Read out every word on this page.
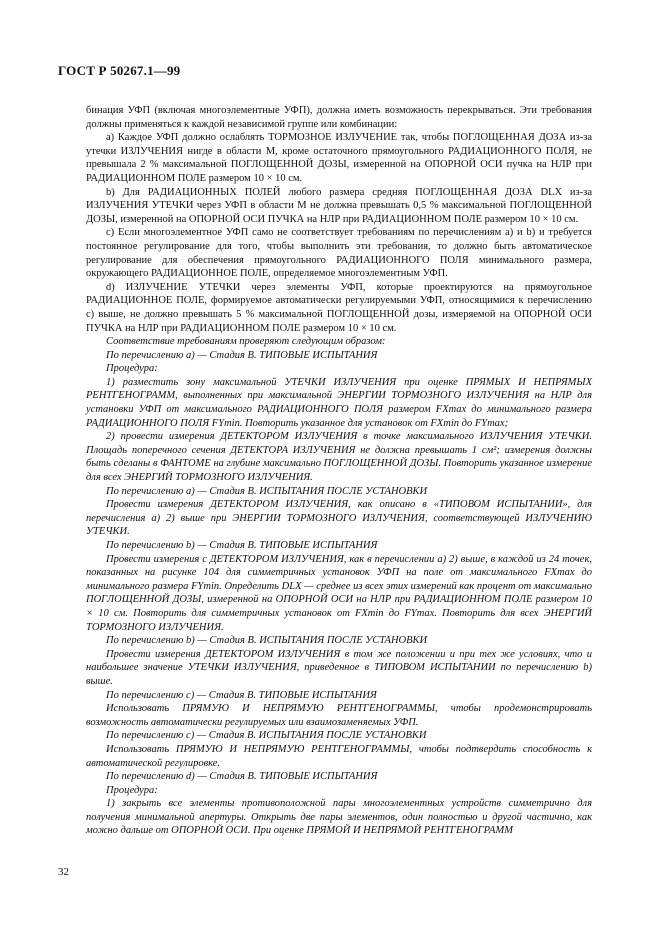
ГОСТ Р 50267.1—99

бинация УФП (включая многоэлементные УФП), должна иметь возможность перекрываться. Эти требования должны применяться к каждой независимой группе или комбинации:

а) Каждое УФП должно ослаблять ТОРМОЗНОЕ ИЗЛУЧЕНИЕ так, чтобы ПОГЛОЩЕННАЯ ДОЗА из-за утечки ИЗЛУЧЕНИЯ нигде в области M, кроме остаточного прямоугольного РАДИАЦИОННОГО ПОЛЯ, не превышала 2 % максимальной ПОГЛОЩЕННОЙ ДОЗЫ, измеренной на ОПОРНОЙ ОСИ пучка на НЛР при РАДИАЦИОННОМ ПОЛЕ размером 10 × 10 см.

b) Для РАДИАЦИОННЫХ ПОЛЕЙ любого размера средняя ПОГЛОЩЕННАЯ ДОЗА DLX из-за ИЗЛУЧЕНИЯ УТЕЧКИ через УФП в области M не должна превышать 0,5 % максимальной ПОГЛОЩЕННОЙ ДОЗЫ, измеренной на ОПОРНОЙ ОСИ ПУЧКА на НЛР при РАДИАЦИОННОМ ПОЛЕ размером 10 × 10 см.

с) Если многоэлементное УФП само не соответствует требованиям по перечислениям а) и b) и требуется постоянное регулирование для того, чтобы выполнить эти требования, то должно быть автоматическое регулирование для обеспечения прямоугольного РАДИАЦИОННОГО ПОЛЯ минимального размера, окружающего РАДИАЦИОННОЕ ПОЛЕ, определяемое многоэлементным УФП.

d) ИЗЛУЧЕНИЕ УТЕЧКИ через элементы УФП, которые проектируются на прямоугольное РАДИАЦИОННОЕ ПОЛЕ, формируемое автоматически регулируемыми УФП, относящимися к перечислению с) выше, не должно превышать 5 % максимальной ПОГЛОЩЕННОЙ дозы, измеряемой на ОПОРНОЙ ОСИ ПУЧКА на НЛР при РАДИАЦИОННОМ ПОЛЕ размером 10 × 10 см.

Соответствие требованиям проверяют следующим образом:

По перечислению а) — Стадия В. ТИПОВЫЕ ИСПЫТАНИЯ

Процедура:

1) разместить зону максимальной УТЕЧКИ ИЗЛУЧЕНИЯ при оценке ПРЯМЫХ И НЕПРЯМЫХ РЕНТГЕНОГРАММ, выполненных при максимальной ЭНЕРГИИ ТОРМОЗНОГО ИЗЛУЧЕНИЯ на НЛР для установки УФП от максимального РАДИАЦИОННОГО ПОЛЯ размером FXmax до минимального размера РАДИАЦИОННОГО ПОЛЯ FYmin. Повторить указанное для установок от FXmin до FYmax;

2) провести измерения ДЕТЕКТОРОМ ИЗЛУЧЕНИЯ в точке максимального ИЗЛУЧЕНИЯ УТЕЧКИ. Площадь поперечного сечения ДЕТЕКТОРА ИЗЛУЧЕНИЯ не должна превышать 1 см²; измерения должны быть сделаны в ФАНТОМЕ на глубине максимально ПОГЛОЩЕННОЙ ДОЗЫ. Повторить указанное измерение для всех ЭНЕРГИЙ ТОРМОЗНОГО ИЗЛУЧЕНИЯ.

По перечислению а) — Стадия В. ИСПЫТАНИЯ ПОСЛЕ УСТАНОВКИ

Провести измерения ДЕТЕКТОРОМ ИЗЛУЧЕНИЯ, как описано в «ТИПОВОМ ИСПЫТАНИИ», для перечисления а) 2) выше при ЭНЕРГИИ ТОРМОЗНОГО ИЗЛУЧЕНИЯ, соответствующей ИЗЛУЧЕНИЮ УТЕЧКИ.

По перечислению b) — Стадия В. ТИПОВЫЕ ИСПЫТАНИЯ

Провести измерения с ДЕТЕКТОРОМ ИЗЛУЧЕНИЯ, как в перечислении а) 2) выше, в каждой из 24 точек, показанных на рисунке 104 для симметричных установок УФП на поле от максимального FXmax до минимального размера FYmin. Определить DLX — среднее из всех этих измерений как процент от максимально ПОГЛОЩЕННОЙ ДОЗЫ, измеренной на ОПОРНОЙ ОСИ на НЛР при РАДИАЦИОННОМ ПОЛЕ размером 10 × 10 см. Повторить для симметричных установок от FXmin до FYmax. Повторить для всех ЭНЕРГИЙ ТОРМОЗНОГО ИЗЛУЧЕНИЯ.

По перечислению b) — Стадия В. ИСПЫТАНИЯ ПОСЛЕ УСТАНОВКИ

Провести измерения ДЕТЕКТОРОМ ИЗЛУЧЕНИЯ в том же положении и при тех же условиях, что и наибольшее значение УТЕЧКИ ИЗЛУЧЕНИЯ, приведенное в ТИПОВОМ ИСПЫТАНИИ по перечислению b) выше.

По перечислению с) — Стадия В. ТИПОВЫЕ ИСПЫТАНИЯ

Использовать ПРЯМУЮ И НЕПРЯМУЮ РЕНТГЕНОГРАММЫ, чтобы продемонстрировать возможность автоматически регулируемых или взаимозаменяемых УФП.

По перечислению с) — Стадия В. ИСПЫТАНИЯ ПОСЛЕ УСТАНОВКИ

Использовать ПРЯМУЮ И НЕПРЯМУЮ РЕНТГЕНОГРАММЫ, чтобы подтвердить способность к автоматической регулировке.

По перечислению d) — Стадия В. ТИПОВЫЕ ИСПЫТАНИЯ

Процедура:

1) закрыть все элементы противоположной пары многоэлементных устройств симметрично для получения минимальной апертуры. Открыть две пары элементов, один полностью и другой частично, как можно дальше от ОПОРНОЙ ОСИ. При оценке ПРЯМОЙ И НЕПРЯМОЙ РЕНТГЕНОГРАММ

32
